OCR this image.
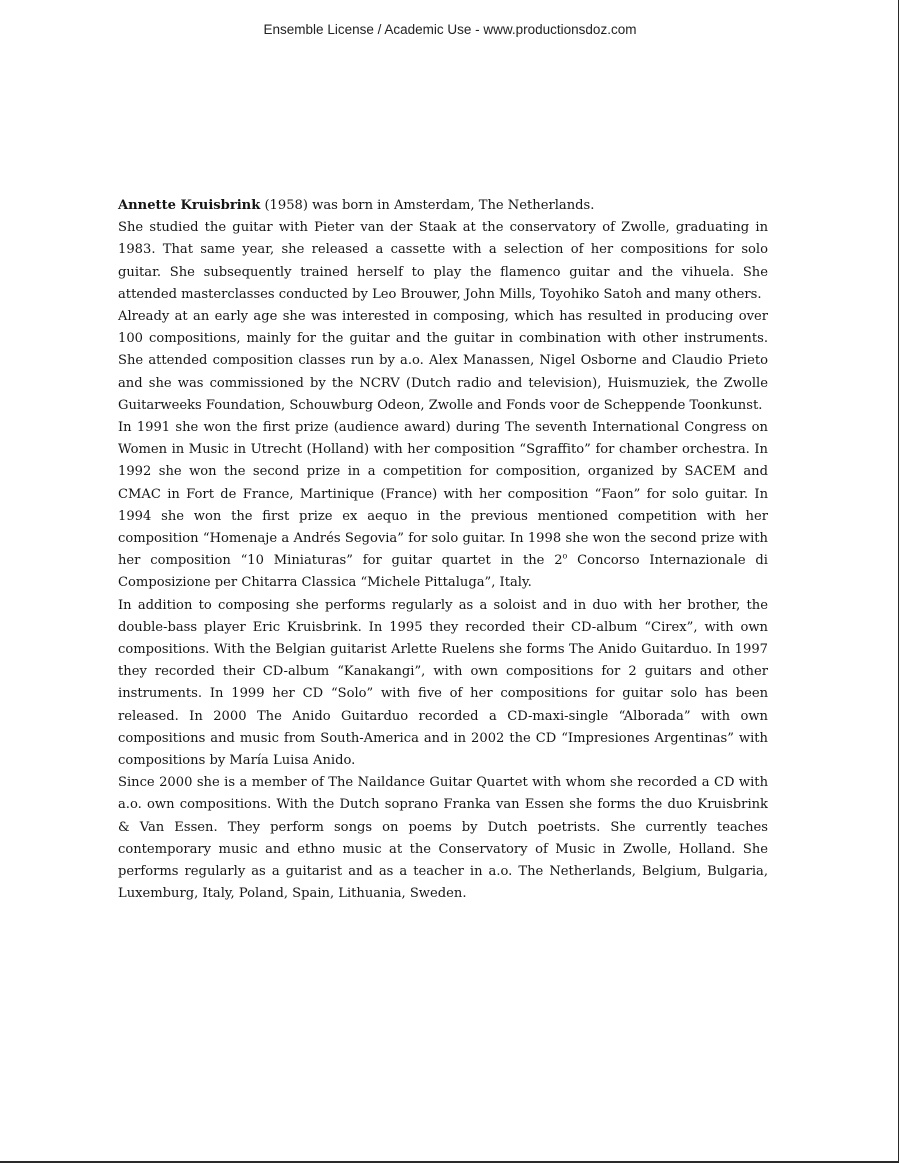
Ensemble License / Academic Use - www.productionsdoz.com

Annette Kruisbrink (1958) was born in Amsterdam, The Netherlands.

She studied the guitar with Pieter van der Staak at the conservatory of Zwolle, graduating in 1983. That same year, she released a cassette with a selection of her compositions for solo guitar. She subsequently trained herself to play the flamenco guitar and the vihuela. She attended masterclasses conducted by Leo Brouwer, John Mills, Toyohiko Satoh and many others.

Already at an early age she was interested in composing, which has resulted in producing over 100 compositions, mainly for the guitar and the guitar in combination with other instruments. She attended composition classes run by a.o. Alex Manassen, Nigel Osborne and Claudio Prieto and she was commissioned by the NCRV (Dutch radio and television), Huismuziek, the Zwolle Guitarweeks Foundation, Schouwburg Odeon, Zwolle and Fonds voor de Scheppende Toonkunst.

In 1991 she won the first prize (audience award) during The seventh International Congress on Women in Music in Utrecht (Holland) with her composition “Sgraffito” for chamber orchestra. In 1992 she won the second prize in a competition for composition, organized by SACEM and CMAC in Fort de France, Martinique (France) with her composition “Faon” for solo guitar. In 1994 she won the first prize ex aequo in the previous mentioned competition with her composition “Homenaje a Andrés Segovia” for solo guitar. In 1998 she won the second prize with her composition “10 Miniaturas” for guitar quartet in the 2$^o$ Concorso Internazionale di Composizione per Chitarra Classica “Michele Pittaluga”, Italy.

In addition to composing she performs regularly as a soloist and in duo with her brother, the double-bass player Eric Kruisbrink. In 1995 they recorded their CD-album “Cirex”, with own compositions. With the Belgian guitarist Arlette Ruelens she forms The Anido Guitarduo. In 1997 they recorded their CD-album “Kanakangi”, with own compositions for 2 guitars and other instruments. In 1999 her CD “Solo” with five of her compositions for guitar solo has been released. In 2000 The Anido Guitarduo recorded a CD-maxi-single “Alborada” with own compositions and music from South-America and in 2002 the CD “Impresiones Argentinas” with compositions by María Luisa Anido.

Since 2000 she is a member of The Naildance Guitar Quartet with whom she recorded a CD with a.o. own compositions. With the Dutch soprano Franka van Essen she forms the duo Kruisbrink & Van Essen. They perform songs on poems by Dutch poetrists. She currently teaches contemporary music and ethno music at the Conservatory of Music in Zwolle, Holland. She performs regularly as a guitarist and as a teacher in a.o. The Netherlands, Belgium, Bulgaria, Luxemburg, Italy, Poland, Spain, Lithuania, Sweden.
